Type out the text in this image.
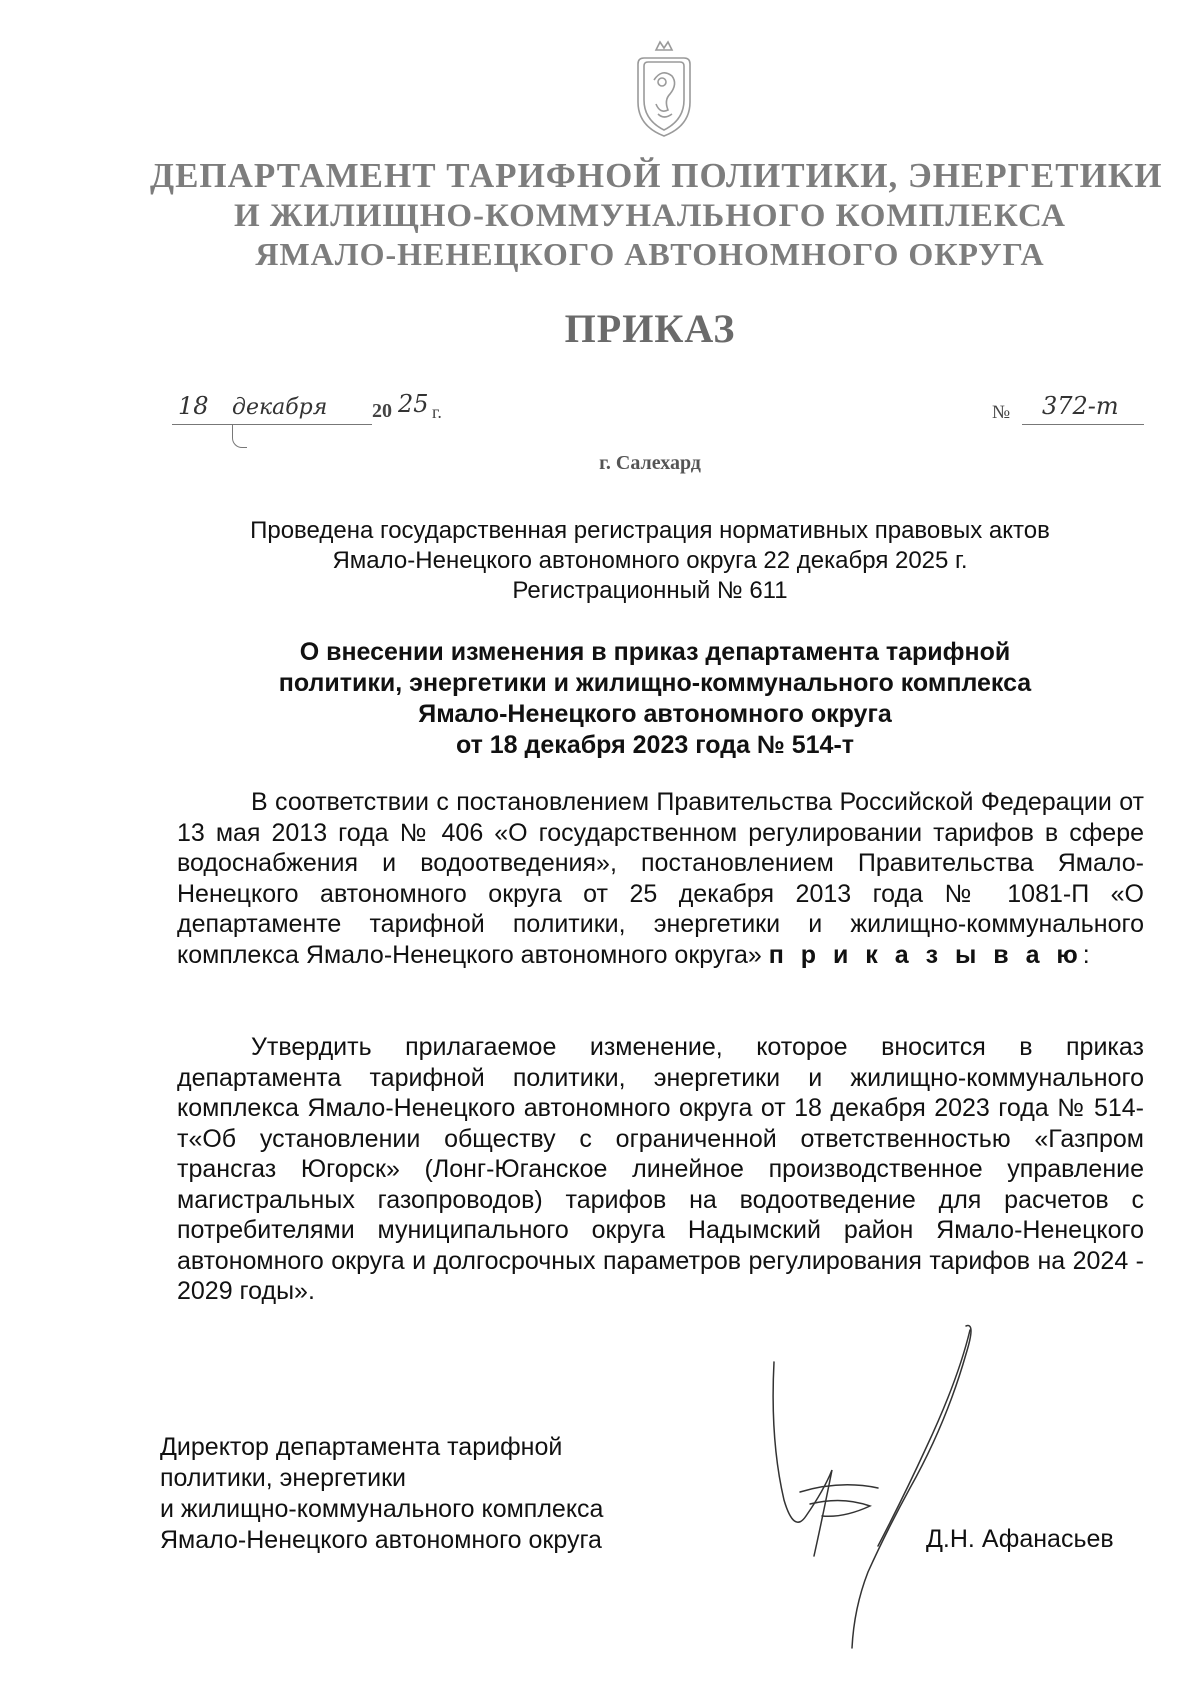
ДЕПАРТАМЕНТ ТАРИФНОЙ ПОЛИТИКИ, ЭНЕРГЕТИКИ
И ЖИЛИЩНО-КОММУНАЛЬНОГО КОМПЛЕКСА
ЯМАЛО-НЕНЕЦКОГО АВТОНОМНОГО ОКРУГА
ПРИКАЗ
18 декабря 20 25 г.	№ 372-т
г. Салехард
Проведена государственная регистрация нормативных правовых актов
Ямало-Ненецкого автономного округа 22 декабря 2025 г.
Регистрационный № 611
О внесении изменения в приказ департамента тарифной
политики, энергетики и жилищно-коммунального комплекса
Ямало-Ненецкого автономного округа
от 18 декабря 2023 года № 514-т

В соответствии с постановлением Правительства Российской Федерации от 13 мая 2013 года № 406 «О государственном регулировании тарифов в сфере водоснабжения и водоотведения», постановлением Правительства Ямало-Ненецкого автономного округа от 25 декабря 2013 года № 1081-П «О департаменте тарифной политики, энергетики и жилищно-коммунального комплекса Ямало-Ненецкого автономного округа» п р и к а з ы в а ю:

Утвердить прилагаемое изменение, которое вносится в приказ департамента тарифной политики, энергетики и жилищно-коммунального комплекса Ямало-Ненецкого автономного округа от 18 декабря 2023 года № 514-т«Об установлении обществу с ограниченной ответственностью «Газпром трансгаз Югорск» (Лонг-Юганское линейное производственное управление магистральных газопроводов) тарифов на водоотведение для расчетов с потребителями муниципального округа Надымский район Ямало-Ненецкого автономного округа и долгосрочных параметров регулирования тарифов на 2024 - 2029 годы».

Директор департамента тарифной
политики, энергетики
и жилищно-коммунального комплекса
Ямало-Ненецкого автономного округа	Д.Н. Афанасьев
